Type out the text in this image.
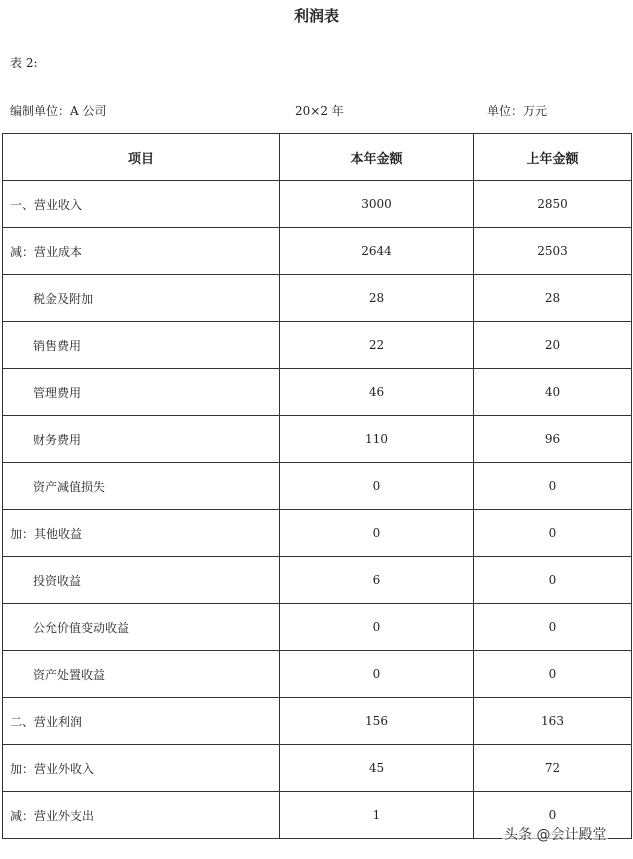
利润表
表 2:
编制单位：A 公司	20×2 年	单位：万元
项目	本年金额	上年金额
一、营业收入	3000	2850
减：营业成本	2644	2503
税金及附加	28	28
销售费用	22	20
管理费用	46	40
财务费用	110	96
资产减值损失	0	0
加：其他收益	0	0
投资收益	6	0
公允价值变动收益	0	0
资产处置收益	0	0
二、营业利润	156	163
加：营业外收入	45	72
减：营业外支出	1	0
头条 @会计殿堂
